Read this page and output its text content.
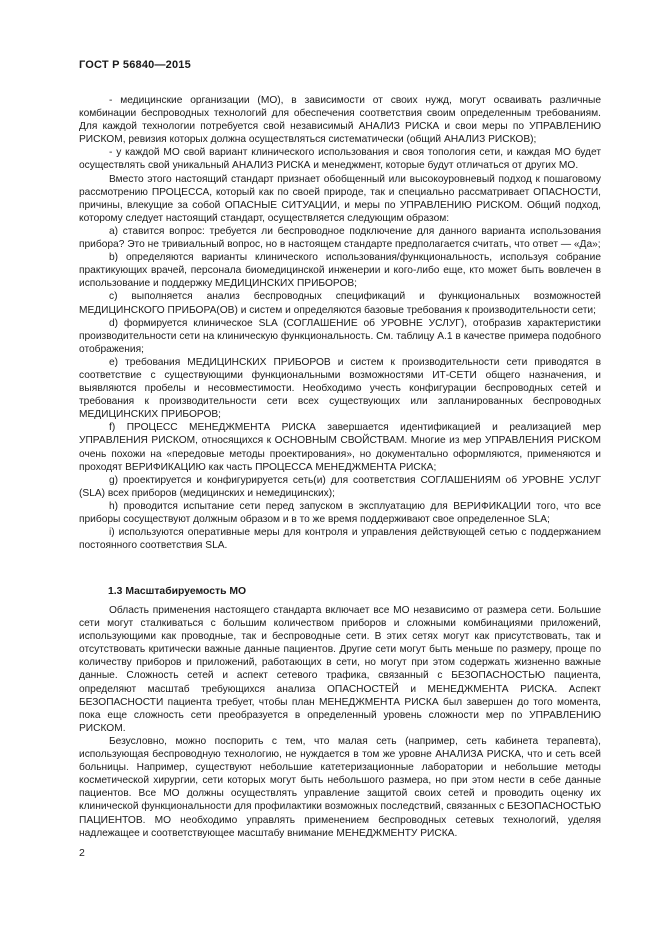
ГОСТ Р 56840—2015

- медицинские организации (МО), в зависимости от своих нужд, могут осваивать различные комбинации беспроводных технологий для обеспечения соответствия своим определенным требованиям. Для каждой технологии потребуется свой независимый АНАЛИЗ РИСКА и свои меры по УПРАВЛЕНИЮ РИСКОМ, ревизия которых должна осуществляться систематически (общий АНАЛИЗ РИСКОВ);

- у каждой МО свой вариант клинического использования и своя топология сети, и каждая МО будет осуществлять свой уникальный АНАЛИЗ РИСКА и менеджмент, которые будут отличаться от других МО.

Вместо этого настоящий стандарт признает обобщенный или высокоуровневый подход к пошаговому рассмотрению ПРОЦЕССА, который как по своей природе, так и специально рассматривает ОПАСНОСТИ, причины, влекущие за собой ОПАСНЫЕ СИТУАЦИИ, и меры по УПРАВЛЕНИЮ РИСКОМ. Общий подход, которому следует настоящий стандарт, осуществляется следующим образом:

a) ставится вопрос: требуется ли беспроводное подключение для данного варианта использования прибора? Это не тривиальный вопрос, но в настоящем стандарте предполагается считать, что ответ — «Да»;

b) определяются варианты клинического использования/функциональность, используя собрание практикующих врачей, персонала биомедицинской инженерии и кого-либо еще, кто может быть вовлечен в использование и поддержку МЕДИЦИНСКИХ ПРИБОРОВ;

c) выполняется анализ беспроводных спецификаций и функциональных возможностей МЕДИЦИНСКОГО ПРИБОРА(ОВ) и систем и определяются базовые требования к производительности сети;

d) формируется клиническое SLA (СОГЛАШЕНИЕ об УРОВНЕ УСЛУГ), отобразив характеристики производительности сети на клиническую функциональность. См. таблицу А.1 в качестве примера подобного отображения;

e) требования МЕДИЦИНСКИХ ПРИБОРОВ и систем к производительности сети приводятся в соответствие с существующими функциональными возможностями ИТ-СЕТИ общего назначения, и выявляются пробелы и несовместимости. Необходимо учесть конфигурации беспроводных сетей и требования к производительности сети всех существующих или запланированных беспроводных МЕДИЦИНСКИХ ПРИБОРОВ;

f) ПРОЦЕСС МЕНЕДЖМЕНТА РИСКА завершается идентификацией и реализацией мер УПРАВЛЕНИЯ РИСКОМ, относящихся к ОСНОВНЫМ СВОЙСТВАМ. Многие из мер УПРАВЛЕНИЯ РИСКОМ очень похожи на «передовые методы проектирования», но документально оформляются, применяются и проходят ВЕРИФИКАЦИЮ как часть ПРОЦЕССА МЕНЕДЖМЕНТА РИСКА;

g) проектируется и конфигурируется сеть(и) для соответствия СОГЛАШЕНИЯМ об УРОВНЕ УСЛУГ (SLA) всех приборов (медицинских и немедицинских);

h) проводится испытание сети перед запуском в эксплуатацию для ВЕРИФИКАЦИИ того, что все приборы сосуществуют должным образом и в то же время поддерживают свое определенное SLA;

i) используются оперативные меры для контроля и управления действующей сетью с поддержанием постоянного соответствия SLA.

1.3 Масштабируемость МО

Область применения настоящего стандарта включает все МО независимо от размера сети. Большие сети могут сталкиваться с большим количеством приборов и сложными комбинациями приложений, использующими как проводные, так и беспроводные сети. В этих сетях могут как присутствовать, так и отсутствовать критически важные данные пациентов. Другие сети могут быть меньше по размеру, проще по количеству приборов и приложений, работающих в сети, но могут при этом содержать жизненно важные данные. Сложность сетей и аспект сетевого трафика, связанный с БЕЗОПАСНОСТЬЮ пациента, определяют масштаб требующихся анализа ОПАСНОСТЕЙ и МЕНЕДЖМЕНТА РИСКА. Аспект БЕЗОПАСНОСТИ пациента требует, чтобы план МЕНЕДЖМЕНТА РИСКА был завершен до того момента, пока еще сложность сети преобразуется в определенный уровень сложности мер по УПРАВЛЕНИЮ РИСКОМ.

Безусловно, можно поспорить с тем, что малая сеть (например, сеть кабинета терапевта), использующая беспроводную технологию, не нуждается в том же уровне АНАЛИЗА РИСКА, что и сеть всей больницы. Например, существуют небольшие катетеризационные лаборатории и небольшие методы косметической хирургии, сети которых могут быть небольшого размера, но при этом нести в себе данные пациентов. Все МО должны осуществлять управление защитой своих сетей и проводить оценку их клинической функциональности для профилактики возможных последствий, связанных с БЕЗОПАСНОСТЬЮ ПАЦИЕНТОВ. МО необходимо управлять применением беспроводных сетевых технологий, уделяя надлежащее и соответствующее масштабу внимание МЕНЕДЖМЕНТУ РИСКА.

2
